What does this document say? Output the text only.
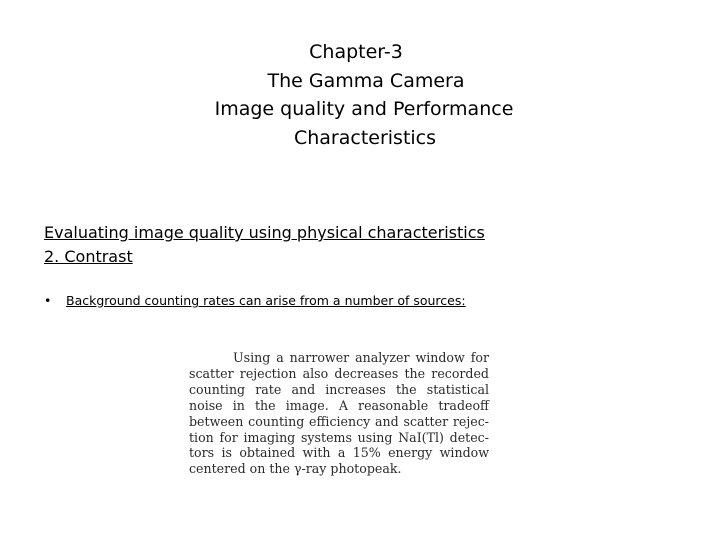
Chapter-3
The Gamma Camera
Image quality and Performance
Characteristics
Evaluating image quality using physical characteristics
2. Contrast
• Background counting rates can arise from a number of sources:
Using a narrower analyzer window for
scatter rejection also decreases the recorded
counting rate and increases the statistical
noise in the image. A reasonable tradeoff
between counting efficiency and scatter rejec-
tion for imaging systems using NaI(Tl) detec-
tors is obtained with a 15% energy window
centered on the γ-ray photopeak.
